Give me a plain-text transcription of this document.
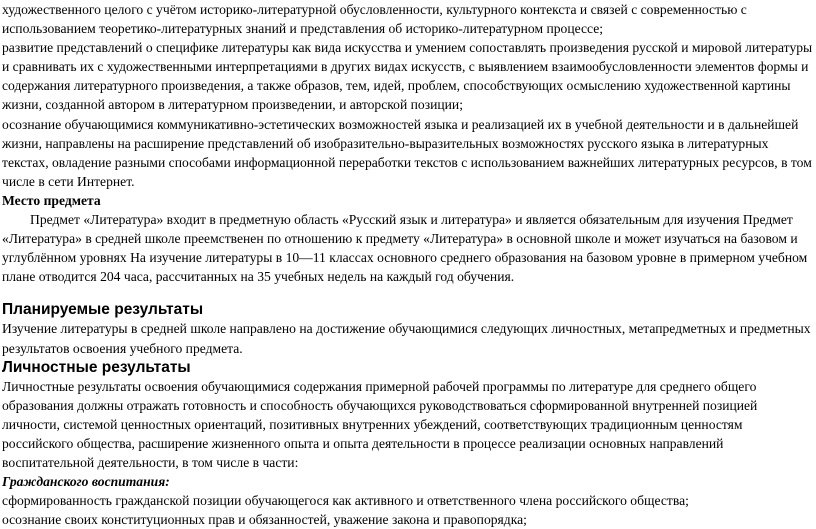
художественного целого с учётом историко-литературной обусловленности, культурного контекста и связей с современностью с использованием теоретико-литературных знаний и представления об историко-литературном процессе;

развитие представлений о специфике литературы как вида искусства и умением сопоставлять произведения русской и мировой литературы и сравнивать их с художественными интерпретациями в других видах искусств, с выявлением взаимообусловленности элементов формы и содержания литературного произведения, а также образов, тем, идей, проблем, способствующих осмыслению художественной картины жизни, созданной автором в литературном произведении, и авторской позиции;

осознание обучающимися коммуникативно-эстетических возможностей языка и реализацией их в учебной деятельности и в дальнейшей жизни, направлены на расширение представлений об изобразительно-выразительных возможностях русского языка в литературных текстах, овладение разными способами информационной переработки текстов с использованием важнейших литературных ресурсов, в том числе в сети Интернет.

Место предмета

Предмет «Литература» входит в предметную область «Русский язык и литература» и является обязательным для изучения Предмет «Литература» в средней школе преемственен по отношению к предмету «Литература» в основной школе и может изучаться на базовом и углублённом уровнях На изучение литературы в 10—11 классах основного среднего образования на базовом уровне в примерном учебном плане отводится 204 часа, рассчитанных на 35 учебных недель на каждый год обучения.

Планируемые результаты

Изучение литературы в средней школе направлено на достижение обучающимися следующих личностных, метапредметных и предметных результатов освоения учебного предмета.

Личностные результаты

Личностные результаты освоения обучающимися содержания примерной рабочей программы по литературе для среднего общего образования должны отражать готовность и способность обучающихся руководствоваться сформированной внутренней позицией личности, системой ценностных ориентаций, позитивных внутренних убеждений, соответствующих традиционным ценностям российского общества, расширение жизненного опыта и опыта деятельности в процессе реализации основных направлений воспитательной деятельности, в том числе в части:

Гражданского воспитания:

сформированность гражданской позиции обучающегося как активного и ответственного члена российского общества;

осознание своих конституционных прав и обязанностей, уважение закона и правопорядка;
